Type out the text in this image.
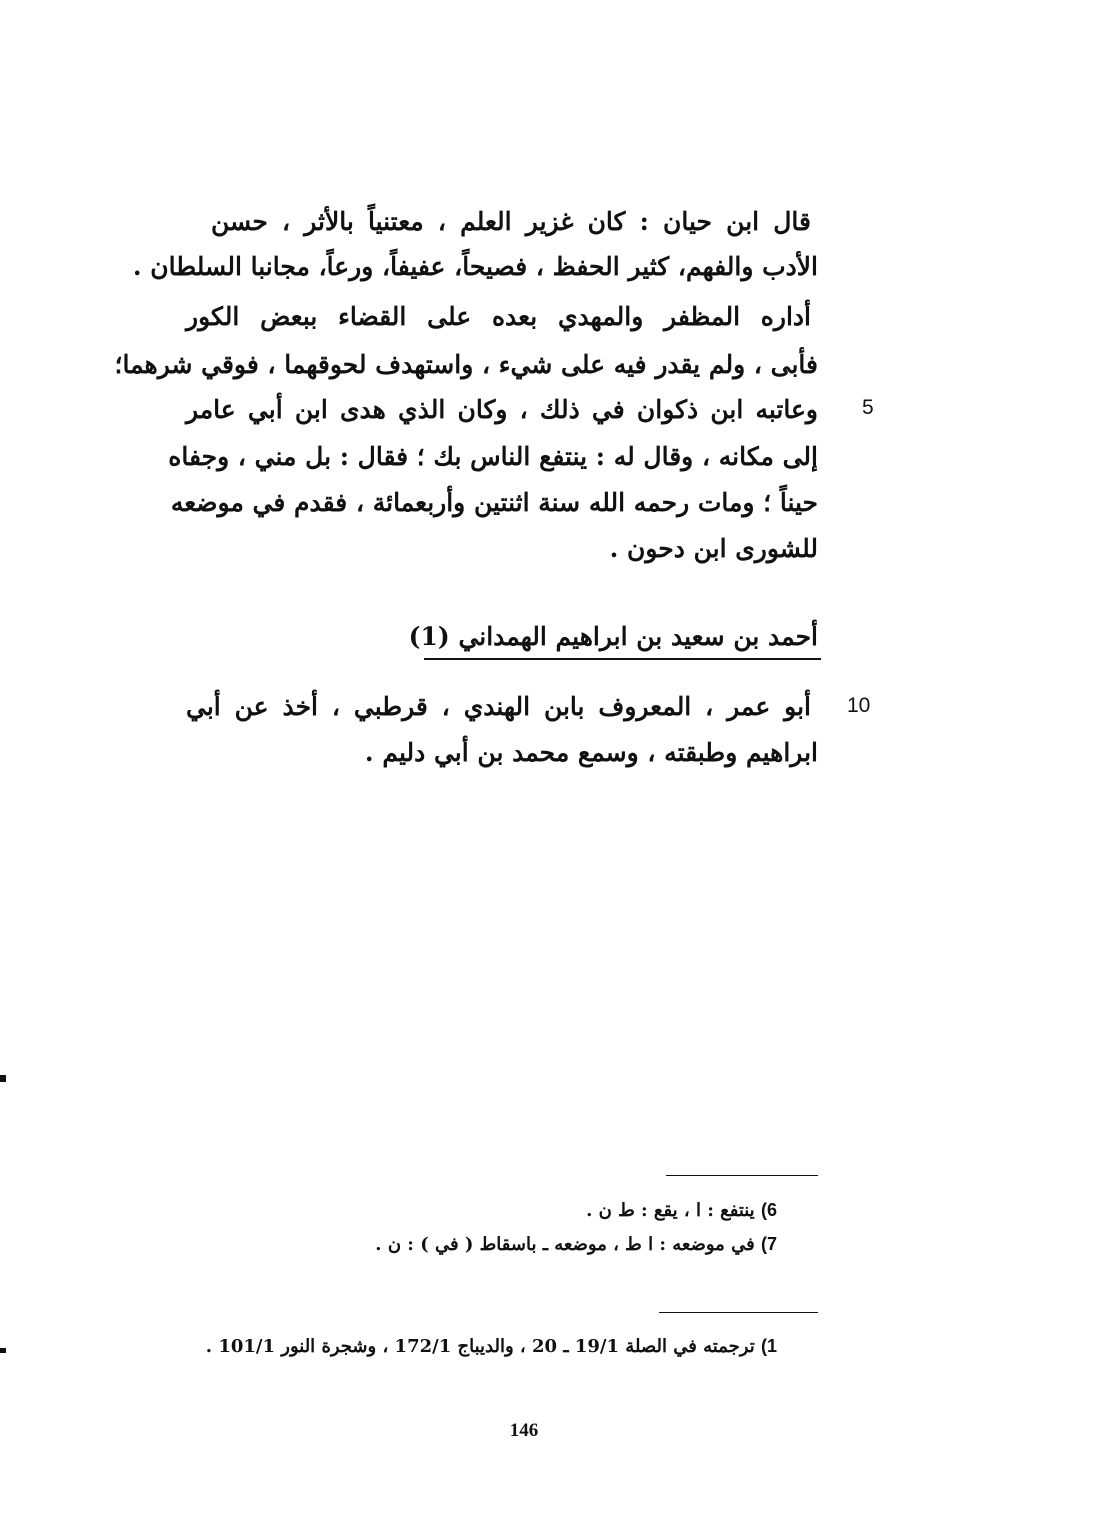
قال ابن حيان : كان غزير العلم ، معتنياً بالأثر ، حسن
الأدب والفهم، كثير الحفظ ، فصيحاً، عفيفاً، ورعاً، مجانبا السلطان .
أداره المظفر والمهدي بعده على القضاء ببعض الكور
فأبى ، ولم يقدر فيه على شيء ، واستهدف لحوقهما ، فوقي شرهما؛
وعاتبه ابن ذكوان في ذلك ، وكان الذي هدى ابن أبي عامر
إلى مكانه ، وقال له : ينتفع الناس بك ؛ فقال : بل مني ، وجفاه
حيناً ؛ ومات رحمه الله سنة اثنتين وأربعمائة ، فقدم في موضعه
للشورى ابن دحون .
5
أحمد بن سعيد بن ابراهيم الهمداني (1)
أبو عمر ، المعروف بابن الهندي ، قرطبي ، أخذ عن أبي
ابراهيم وطبقته ، وسمع محمد بن أبي دليم .
10
6) ينتفع : ا ، يقع : ط ن .
7) في موضعه : ا ط ، موضعه ـ باسقاط ( في ) : ن .
1) ترجمته في الصلة 19/1 ـ 20 ، والديباج 172/1 ، وشجرة النور 101/1 .
146
